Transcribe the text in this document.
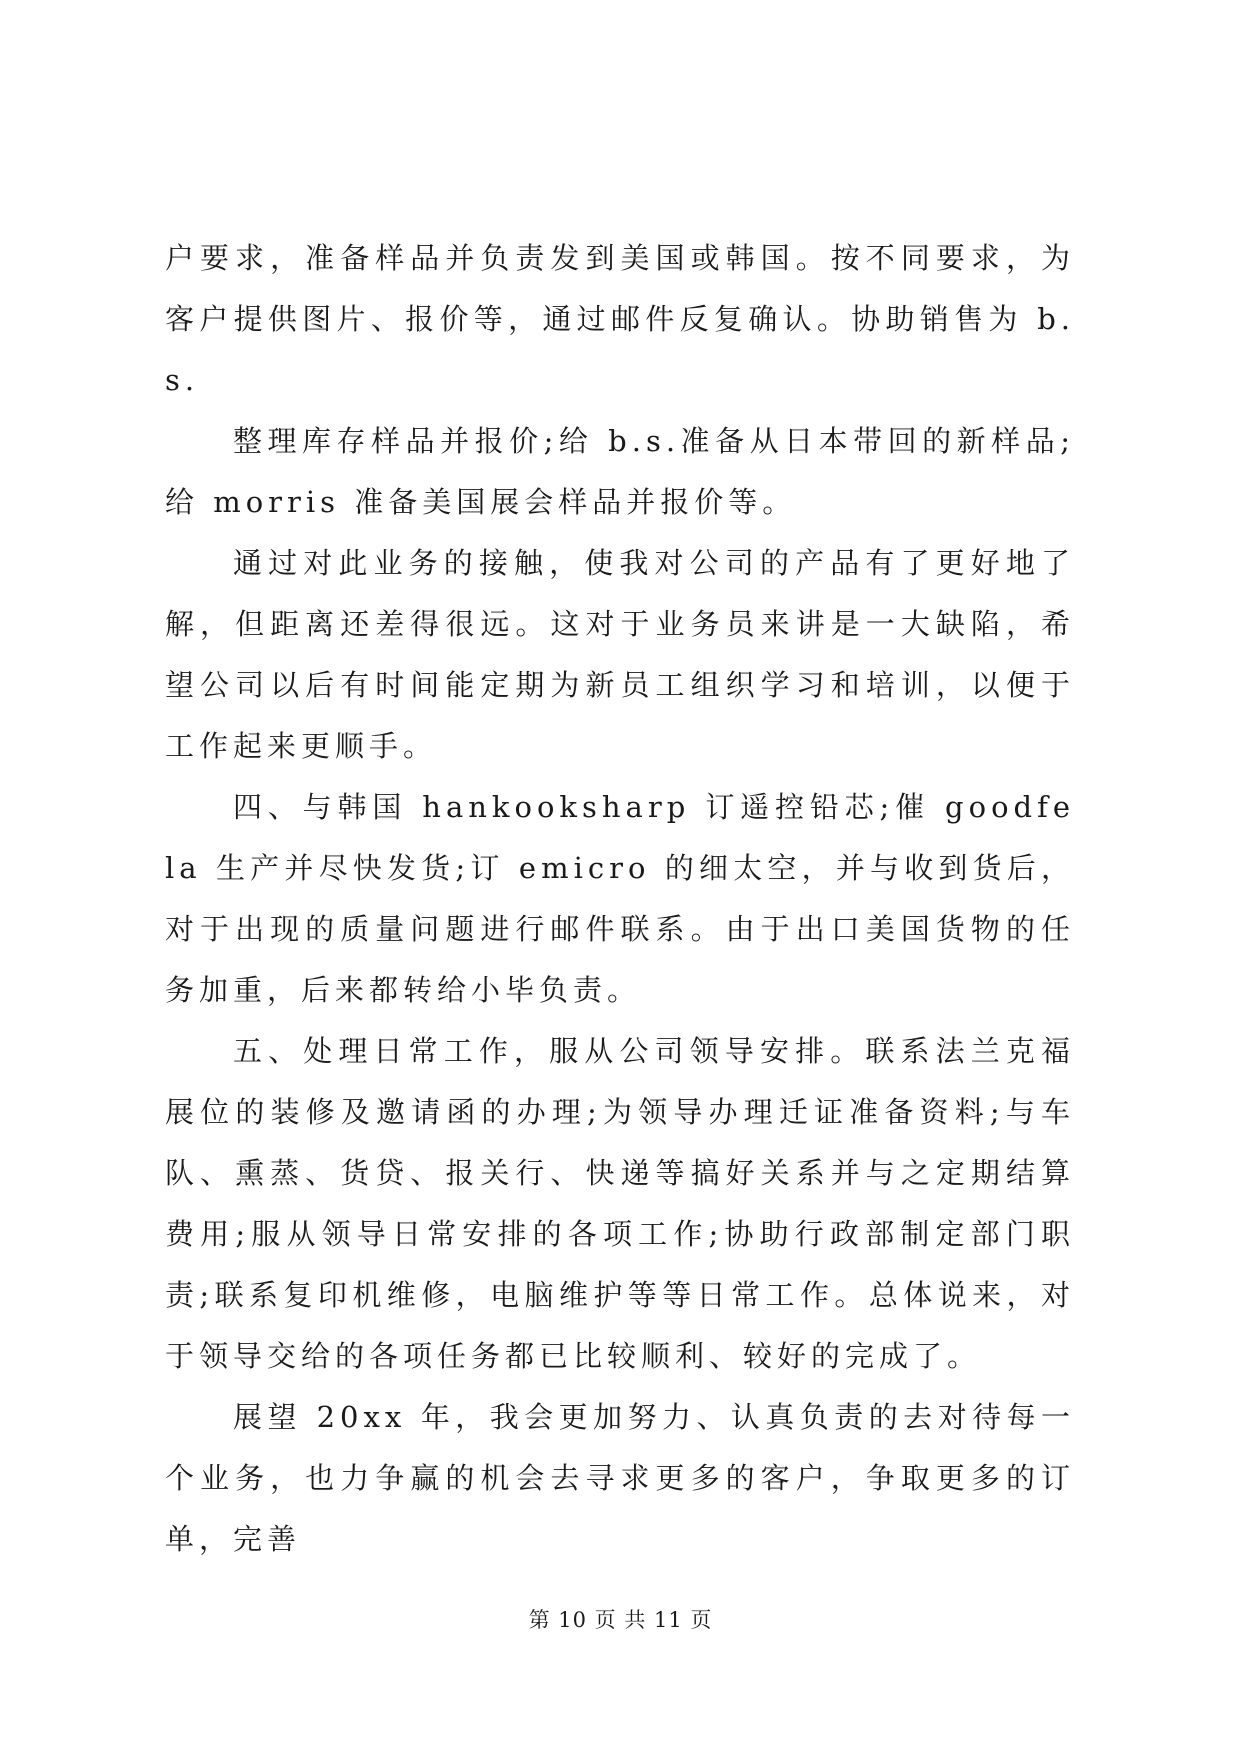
户要求，准备样品并负责发到美国或韩国。按不同要求，为客户提供图片、报价等，通过邮件反复确认。协助销售为 b.s.

整理库存样品并报价;给 b.s.准备从日本带回的新样品;给 morris 准备美国展会样品并报价等。

通过对此业务的接触，使我对公司的产品有了更好地了解，但距离还差得很远。这对于业务员来讲是一大缺陷，希望公司以后有时间能定期为新员工组织学习和培训，以便于工作起来更顺手。

四、与韩国 hankooksharp 订遥控铅芯;催 goodfela 生产并尽快发货;订 emicro 的细太空，并与收到货后，对于出现的质量问题进行邮件联系。由于出口美国货物的任务加重，后来都转给小毕负责。

五、处理日常工作，服从公司领导安排。联系法兰克福展位的装修及邀请函的办理;为领导办理迁证准备资料;与车队、熏蒸、货贷、报关行、快递等搞好关系并与之定期结算费用;服从领导日常安排的各项工作;协助行政部制定部门职责;联系复印机维修，电脑维护等等日常工作。总体说来，对于领导交给的各项任务都已比较顺利、较好的完成了。

展望 20xx 年，我会更加努力、认真负责的去对待每一个业务，也力争赢的机会去寻求更多的客户，争取更多的订单，完善

第 10 页 共 11 页
